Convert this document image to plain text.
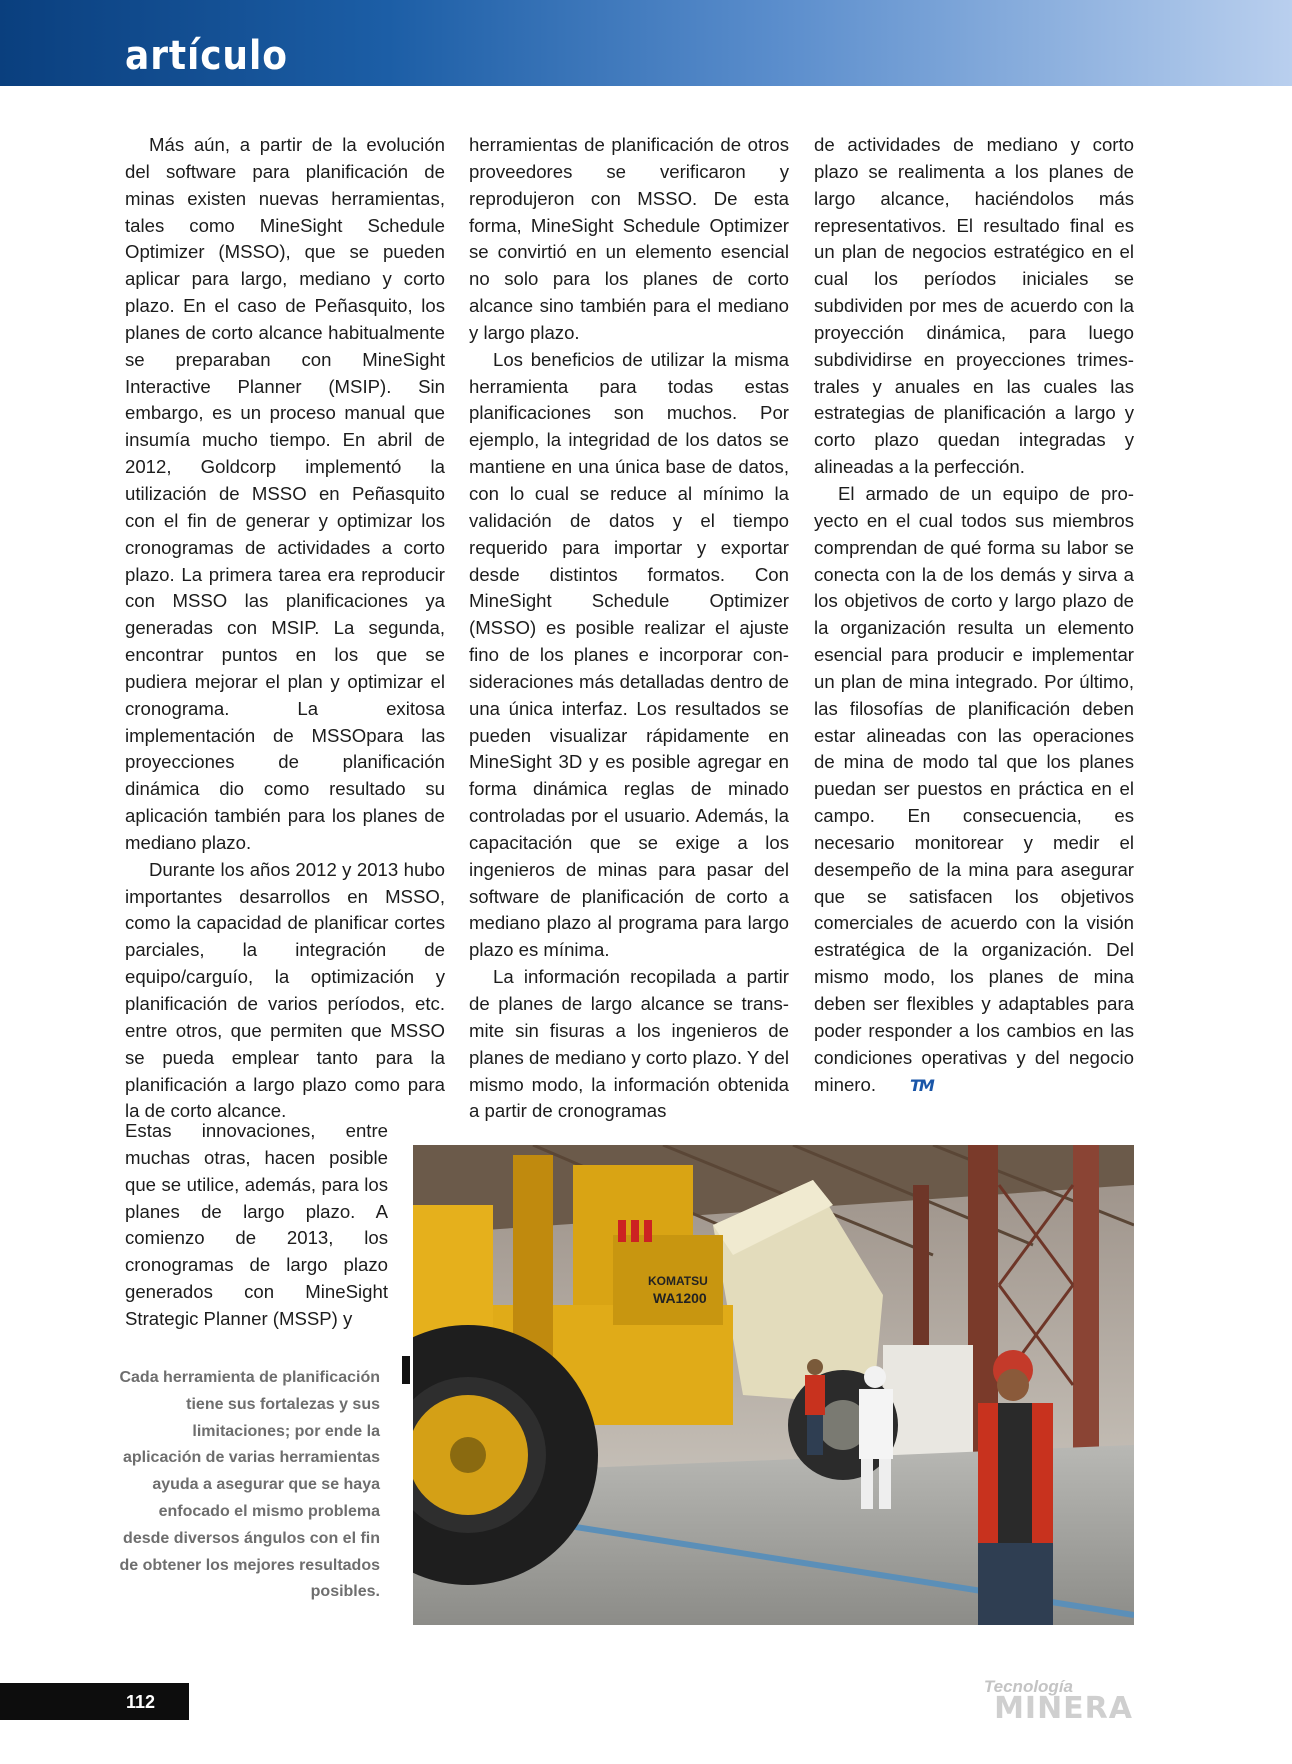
artículo

Más aún, a partir de la evolución del software para planificación de minas existen nuevas herramientas, tales como MineSight Schedule Optimizer (MSSO), que se pueden aplicar para largo, mediano y corto plazo. En el caso de Peñasquito, los planes de corto alcance habitualmente se preparaban con MineSight Interactive Planner (MSIP). Sin embargo, es un proceso manual que insumía mucho tiempo. En abril de 2012, Goldcorp implementó la utilización de MSSO en Peñasquito con el fin de generar y optimizar los cronogramas de actividades a corto plazo. La primera tarea era reproducir con MSSO las planificaciones ya generadas con MSIP. La segunda, encontrar puntos en los que se pudiera mejorar el plan y optimizar el cronograma. La exitosa implementación de MSSOpara las proyecciones de planificación dinámica dio como resultado su aplicación también para los planes de mediano plazo.

Durante los años 2012 y 2013 hubo importantes desarrollos en MSSO, como la capacidad de planificar cortes parciales, la integración de equipo/carguío, la optimización y planificación de varios períodos, etc. entre otros, que permiten que MSSO se pueda emplear tanto para la planificación a largo plazo como para la de corto alcance.

Estas innovaciones, entre muchas otras, hacen posible que se utilice, además, para los planes de largo plazo. A comienzo de 2013, los cronogramas de largo plazo generados con MineSight Strategic Planner (MSSP) y

herramientas de planificación de otros proveedores se verificaron y reprodujeron con MSSO. De esta forma, MineSight Schedule Optimizer se convirtió en un elemento esencial no solo para los planes de corto alcance sino también para el mediano y largo plazo.

Los beneficios de utilizar la misma herramienta para todas estas planificaciones son muchos. Por ejemplo, la integridad de los datos se mantiene en una única base de datos, con lo cual se reduce al mínimo la validación de datos y el tiempo requerido para importar y exportar desde distintos formatos. Con MineSight Schedule Optimizer (MSSO) es posible realizar el ajuste fino de los planes e incorporar consideraciones más detalladas dentro de una única interfaz. Los resultados se pueden visualizar rápidamente en MineSight 3D y es posible agregar en forma dinámica reglas de minado controladas por el usuario. Además, la capacitación que se exige a los ingenieros de minas para pasar del software de planificación de corto a mediano plazo al programa para largo plazo es mínima.

La información recopilada a partir de planes de largo alcance se transmite sin fisuras a los ingenieros de planes de mediano y corto plazo. Y del mismo modo, la información obtenida a partir de cronogramas

de actividades de mediano y corto plazo se realimenta a los planes de largo alcance, haciéndolos más representativos. El resultado final es un plan de negocios estratégico en el cual los períodos iniciales se subdividen por mes de acuerdo con la proyección dinámica, para luego subdividirse en proyecciones trimestrales y anuales en las cuales las estrategias de planificación a largo y corto plazo quedan integradas y alineadas a la perfección.

El armado de un equipo de proyecto en el cual todos sus miembros comprendan de qué forma su labor se conecta con la de los demás y sirva a los objetivos de corto y largo plazo de la organización resulta un elemento esencial para producir e implementar un plan de mina integrado. Por último, las filosofías de planificación deben estar alineadas con las operaciones de mina de modo tal que los planes puedan ser puestos en práctica en el campo. En consecuencia, es necesario monitorear y medir el desempeño de la mina para asegurar que se satisfacen los objetivos comerciales de acuerdo con la visión estratégica de la organización. Del mismo modo, los planes de mina deben ser flexibles y adaptables para poder responder a los cambios en las condiciones operativas y del negocio minero. TM

KOMATSU
WA1200

Cada herramienta de planificación tiene sus fortalezas y sus limitaciones; por ende la aplicación de varias herramientas ayuda a asegurar que se haya enfocado el mismo problema desde diversos ángulos con el fin de obtener los mejores resultados posibles.

112
Tecnología
MINERA
